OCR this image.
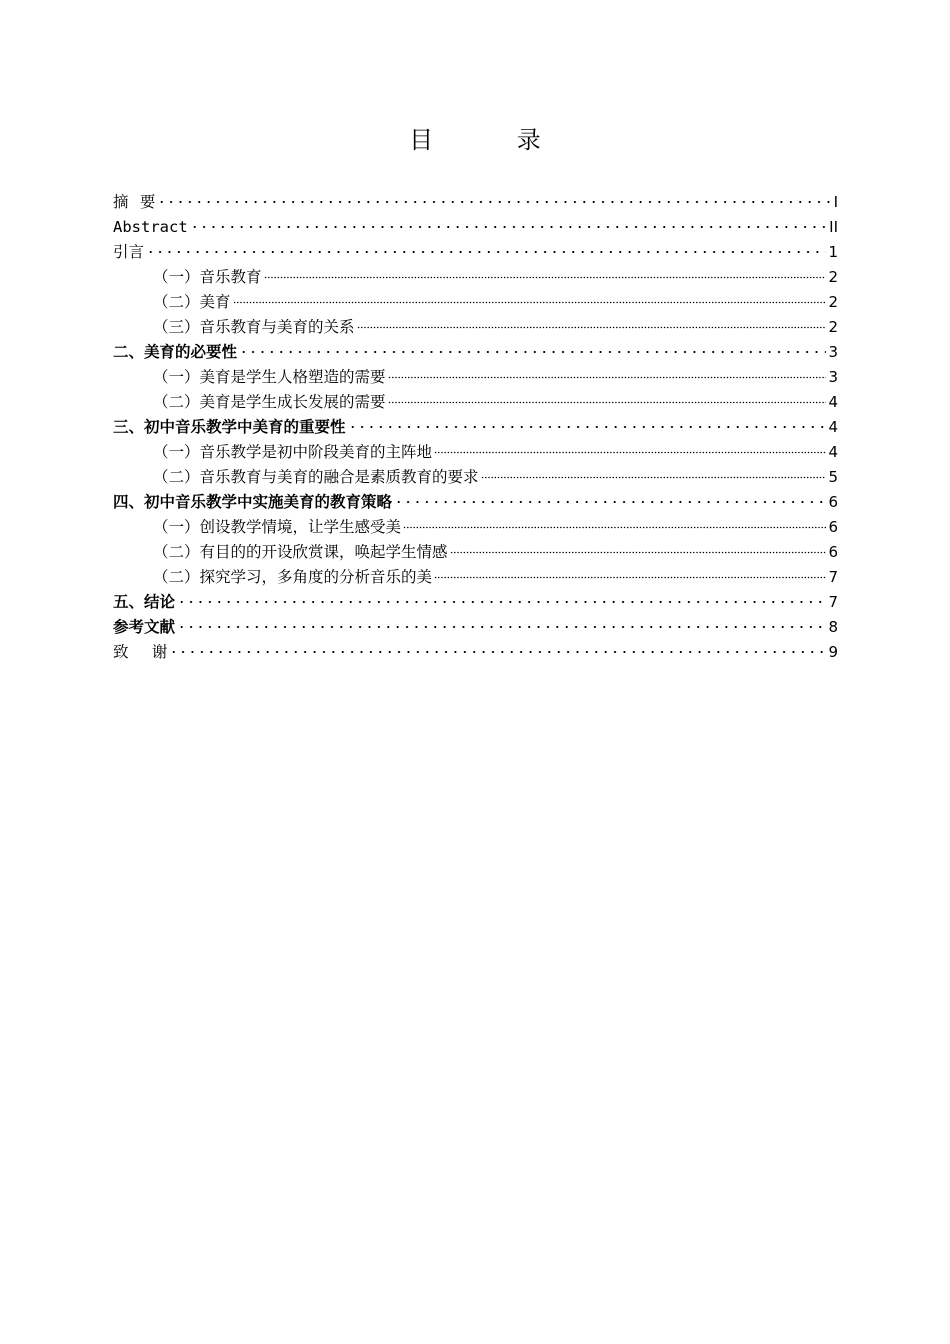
目 录
摘 要	I
Abstract	II
引言	1
（一）音乐教育	2
（二）美育	2
（三）音乐教育与美育的关系	2
二、美育的必要性	3
（一）美育是学生人格塑造的需要	3
（二）美育是学生成长发展的需要	4
三、初中音乐教学中美育的重要性	4
（一）音乐教学是初中阶段美育的主阵地	4
（二）音乐教育与美育的融合是素质教育的要求	5
四、初中音乐教学中实施美育的教育策略	6
（一）创设教学情境，让学生感受美	6
（二）有目的的开设欣赏课，唤起学生情感	6
（二）探究学习，多角度的分析音乐的美	7
五、结论	7
参考文献	8
致 谢	9
